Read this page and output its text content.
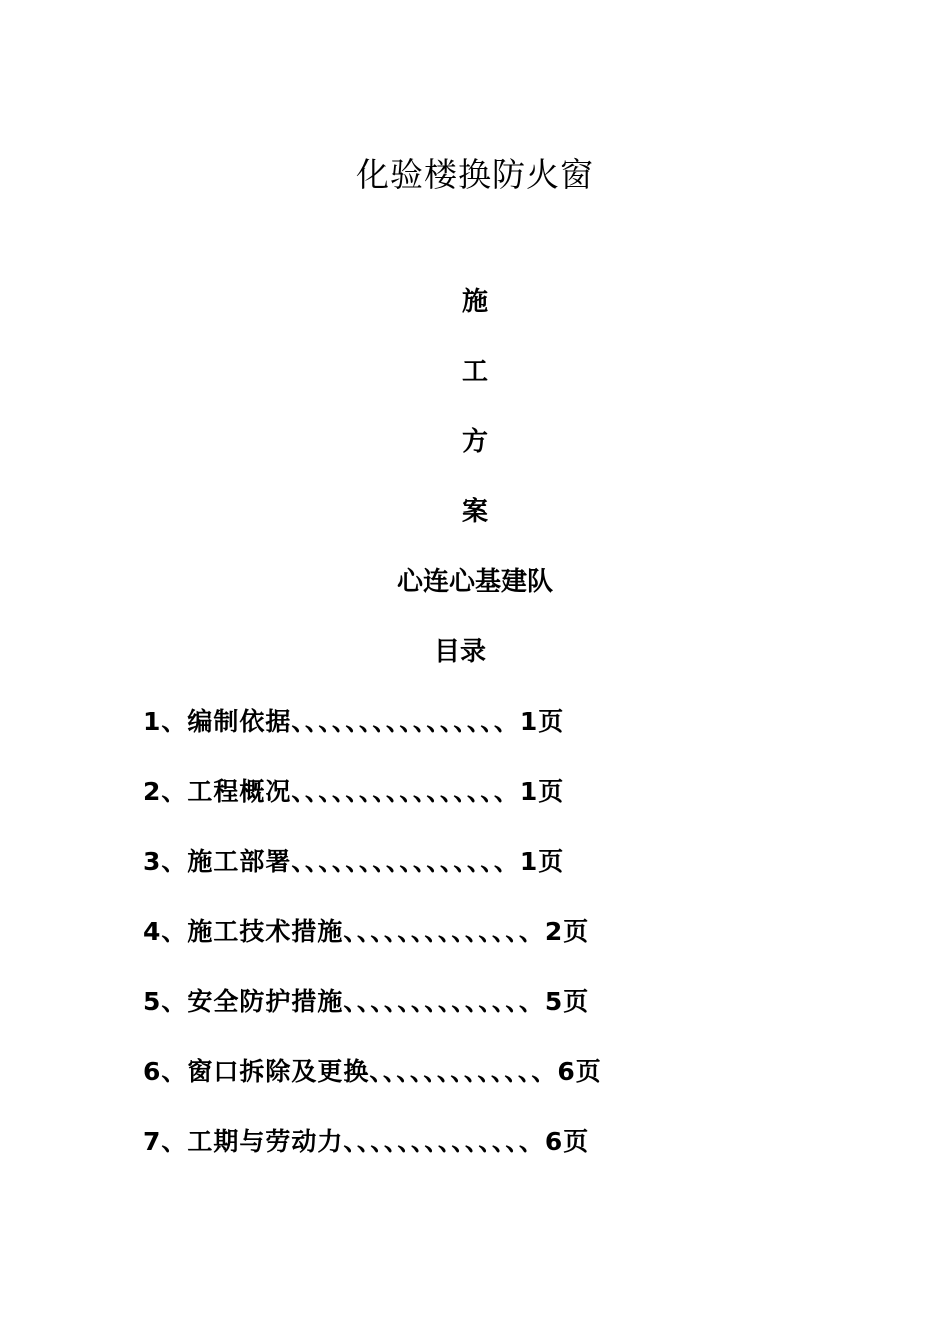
化验楼换防火窗
施
工
方
案
心连心基建队
目录
1、编制依据、、、、、、、、、、、、、、、、1页
2、工程概况、、、、、、、、、、、、、、、、1页
3、施工部署、、、、、、、、、、、、、、、、1页
4、施工技术措施、、、、、、、、、、、、、、2页
5、安全防护措施、、、、、、、、、、、、、、5页
6、窗口拆除及更换、、、、、、、、、、、、、6页
7、工期与劳动力、、、、、、、、、、、、、、6页
